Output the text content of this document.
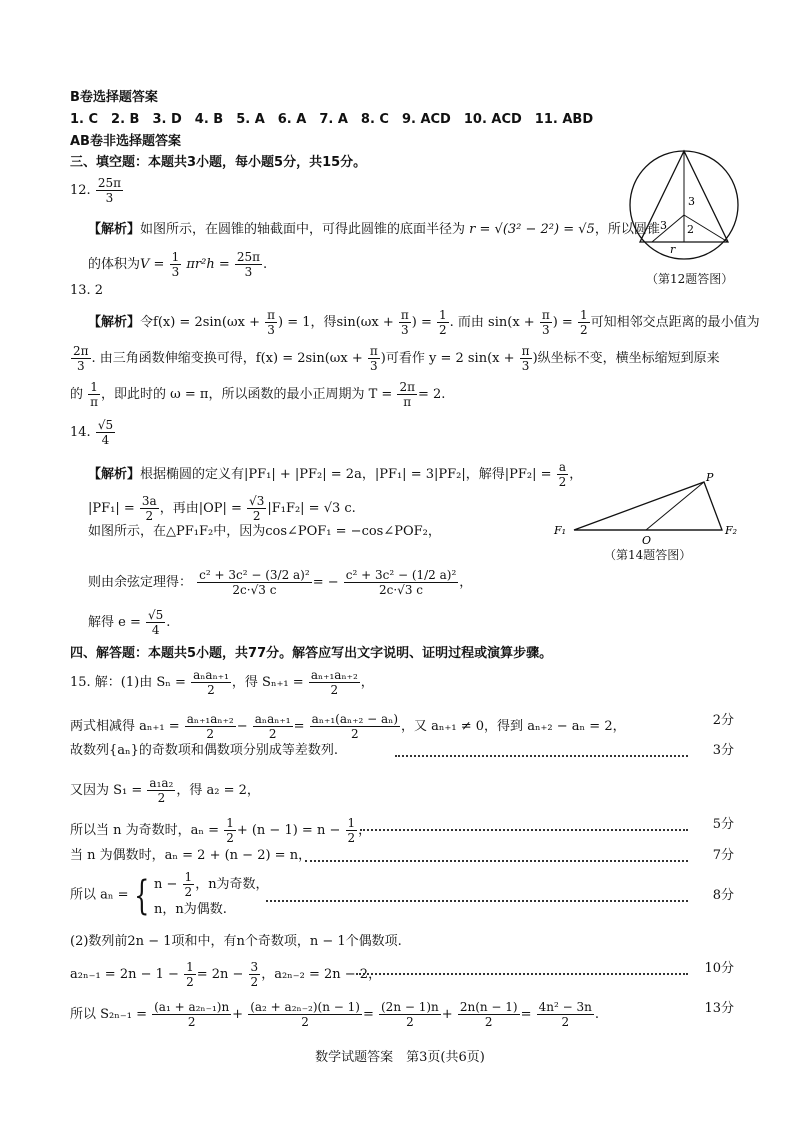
B卷选择题答案
1. C　2. B　3. D　4. B　5. A　6. A　7. A　8. C　9. ACD　10. ACD　11. ABD
AB卷非选择题答案
三、填空题：本题共3小题，每小题5分，共15分。
12. $\frac{25\pi}{3}$
【解析】如图所示，在圆锥的轴截面中，可得此圆锥的底面半径为 r = √(3² − 2²) = √5，所以圆锥
的体积为$V = \frac{1}{3} \pi r^2h = \frac{25\pi}{3}$ .
3
3 2
r
（第12题答图）
13. 2
【解析】令$f(x) = 2\sin(\omega x + \frac{\pi}{3}$ ) = 1，得$\sin(\omega x + \frac{\pi}{3}$ ) = $\frac{1}{2}$ . 而由 $\sin(x + \frac{\pi}{3}$ ) = $\frac{1}{2}$ 可知相邻交点距离的最小值为
$\frac{2\pi}{3}$ . 由三角函数伸缩变换可得，$f(x) = 2\sin(\omega x + \frac{\pi}{3}$ )可看作 y = 2 $\sin(x + \frac{\pi}{3}$ )纵坐标不变，横坐标缩短到原来
的 $\frac{1}{\pi}$ ，即此时的 ω = π，所以函数的最小正周期为 $T = \frac{2\pi}{\pi} = 2$.
14. $\frac{√5}{4}$
【解析】根据椭圆的定义有|PF₁| + |PF₂| = 2a，|PF₁| = 3|PF₂|，解得$|PF_2| = \frac{a}{2}$ ，
$|PF_1| = \frac{3a}{2}$ ，再由$|OP| = \frac{√3}{2} |F_1F_2| = √3$ c.
如图所示，在△PF₁F₂中，因为cos∠POF₁ = −cos∠POF₂，
则由余弦定理得： $\frac{\text{c² + 3c² − (3/2 a)²}}{2c\cdot√3 c}$ = − $\frac{\text{c² + 3c² − (1/2 a)²}}{2c\cdot√3 c}$ ，
解得 $e = \frac{√5}{4}$ .
P
F₁
O
F₂
（第14题答图）
四、解答题：本题共5小题，共77分。解答应写出文字说明、证明过程或演算步骤。
15. 解：(1)由 $S_n = \frac{\text{aₙaₙ₊₁}}{2}$ ，得 $S_{n+1} = \frac{\text{aₙ₊₁aₙ₊₂}}{2}$ ，
两式相减得 $a_{n+1} = \frac{\text{aₙ₊₁aₙ₊₂}}{2} - \frac{\text{aₙaₙ₊₁}}{2} = \frac{\text{aₙ₊₁(aₙ₊₂ − aₙ)}}{2}$ ，又 aₙ₊₁ ≠ 0，得到 aₙ₊₂ − aₙ = 2，	2分
故数列{aₙ}的奇数项和偶数项分别成等差数列.	3分
又因为 $S_1 = \frac{\text{a₁a₂}}{2}$ ，得 a₂ = 2，
所以当 n 为奇数时，$a_n = \frac{1}{2} + (n - 1) = n - \frac{1}{2}$ ，	5分
当 n 为偶数时，aₙ = 2 + (n − 2) = n，	7分
所以 aₙ = { $n - \frac{1}{2}$ ，n为奇数，
n，n为偶数.
8分
(2)数列前2n − 1项和中，有n个奇数项，n − 1个偶数项.
$a_{2n-1} = 2n - 1 - \frac{1}{2} = 2n - \frac{3}{2}$ ，a₂ₙ₋₂ = 2n − 2，	10分
所以 $S_{2n-1} = \frac{\text{(a₁ + a₂ₙ₋₁)n}}{2} + \frac{\text{(a₂ + a₂ₙ₋₂)(n − 1)}}{2} = \frac{(2n - 1)n}{2} + \frac{2n(n - 1)}{2} = \frac{\text{4n² − 3n}}{2}$ .	13分
数学试题答案　第3页(共6页)
